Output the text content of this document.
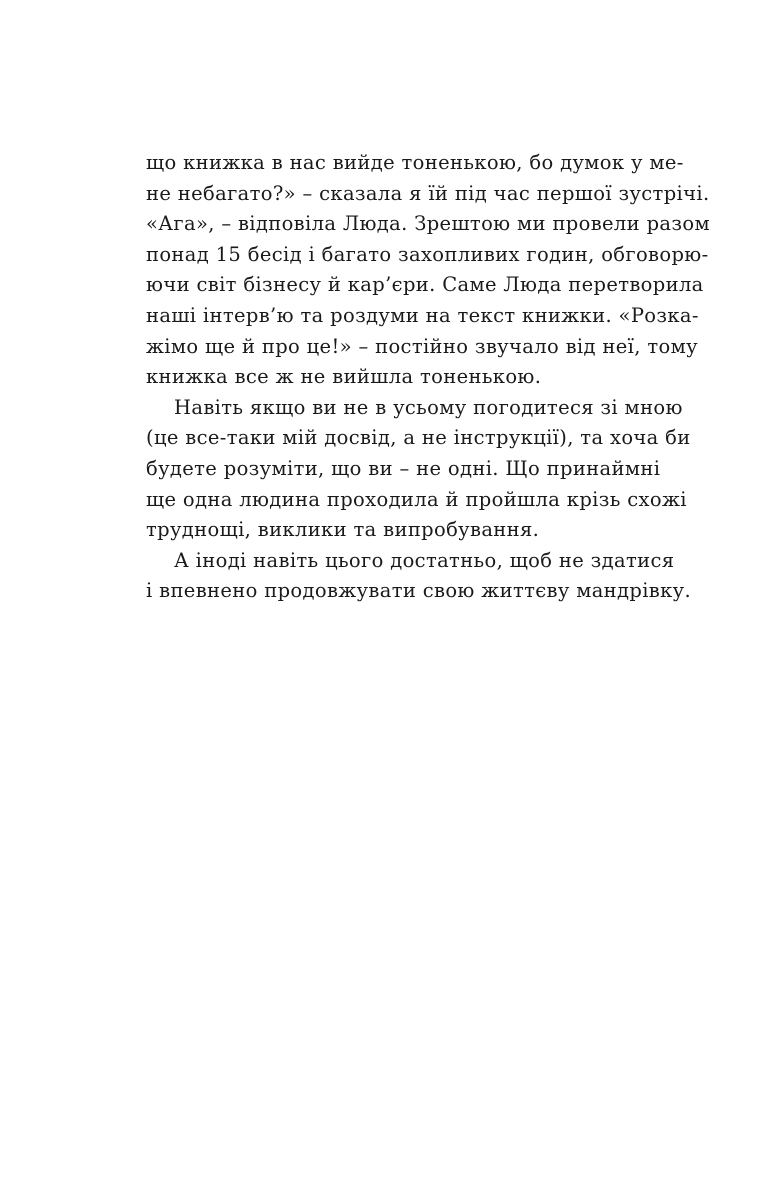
що книжка в нас вийде тоненькою, бо думок у ме-
не небагато?» – сказала я їй під час першої зустрічі.
«Ага», – відповіла Люда. Зрештою ми провели разом
понад 15 бесід і багато захопливих годин, обговорю-
ючи світ бізнесу й кар’єри. Саме Люда перетворила
наші інтерв’ю та роздуми на текст книжки. «Розка-
жімо ще й про це!» – постійно звучало від неї, тому
книжка все ж не вийшла тоненькою.
Навіть якщо ви не в усьому погодитеся зі мною
(це все-таки мій досвід, а не інструкції), та хоча би
будете розуміти, що ви – не одні. Що принаймні
ще одна людина проходила й пройшла крізь схожі
труднощі, виклики та випробування.
А іноді навіть цього достатньо, щоб не здатися
і впевнено продовжувати свою життєву мандрівку.
